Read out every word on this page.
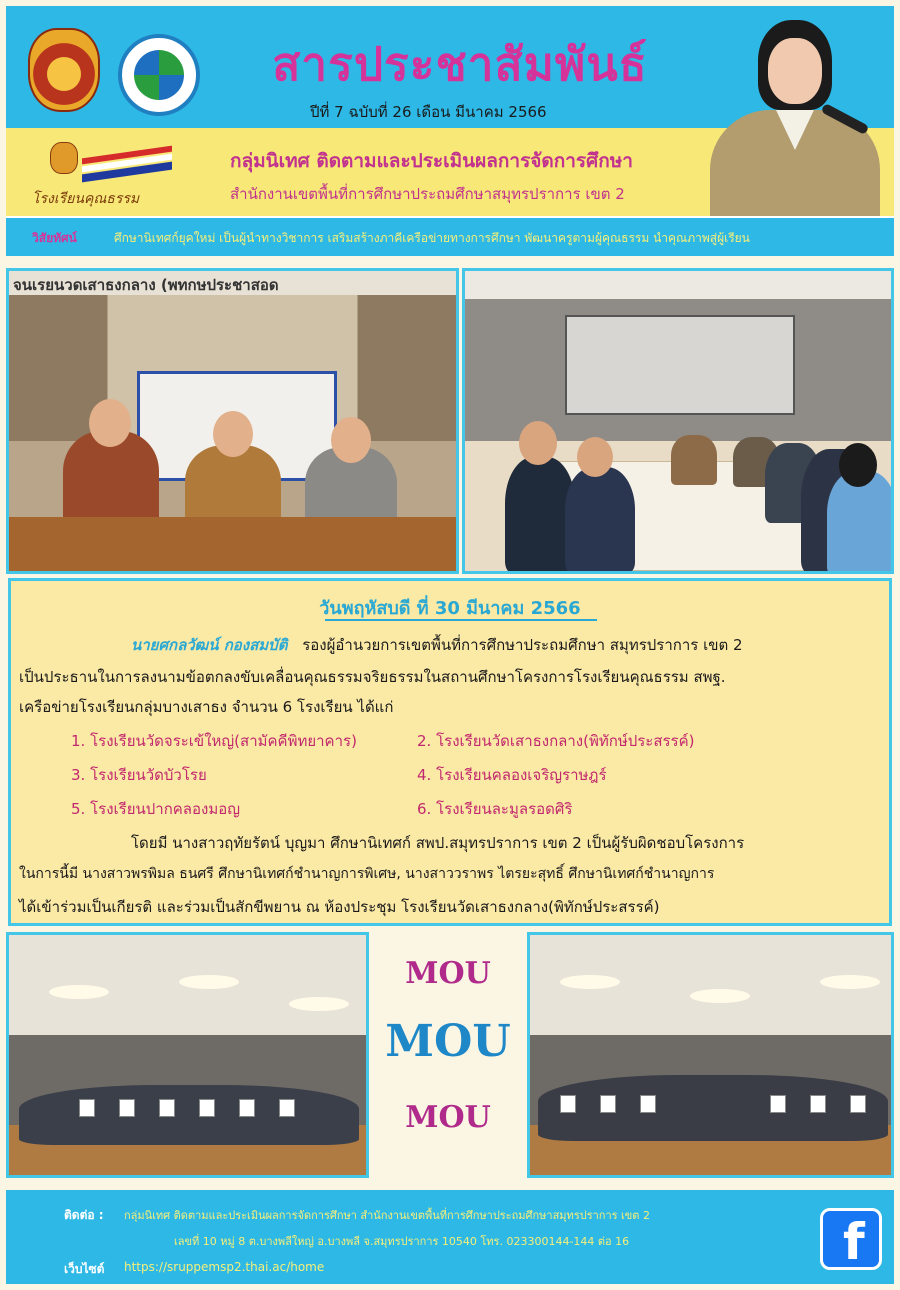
สารประชาสัมพันธ์
ปีที่ 7 ฉบับที่ 26 เดือน มีนาคม 2566
โรงเรียนคุณธรรม
กลุ่มนิเทศ ติดตามและประเมินผลการจัดการศึกษา
สำนักงานเขตพื้นที่การศึกษาประถมศึกษาสมุทรปราการ เขต 2
วิสัยทัศน์	ศึกษานิเทศก์ยุคใหม่ เป็นผู้นำทางวิชาการ เสริมสร้างภาคีเครือข่ายทางการศึกษา พัฒนาครูตามผู้คุณธรรม นำคุณภาพสู่ผู้เรียน
จนเรยนวดเสาธงกลาง (พทกษประชาสอด
วันพฤหัสบดี ที่ 30 มีนาคม 2566
นายศกลวัฒน์ กองสมบัติ รองผู้อำนวยการเขตพื้นที่การศึกษาประถมศึกษา สมุทรปราการ เขต 2
เป็นประธานในการลงนามข้อตกลงขับเคลื่อนคุณธรรมจริยธรรมในสถานศึกษาโครงการโรงเรียนคุณธรรม สพฐ.
เครือข่ายโรงเรียนกลุ่มบางเสาธง จำนวน 6 โรงเรียน ได้แก่
1. โรงเรียนวัดจระเข้ใหญ่(สามัคคีพิทยาคาร)	2. โรงเรียนวัดเสาธงกลาง(พิทักษ์ประสรรค์)
3. โรงเรียนวัดบัวโรย	4. โรงเรียนคลองเจริญราษฎร์
5. โรงเรียนปากคลองมอญ	6. โรงเรียนละมูลรอดศิริ
โดยมี นางสาวฤทัยรัตน์ บุญมา ศึกษานิเทศก์ สพป.สมุทรปราการ เขต 2 เป็นผู้รับผิดชอบโครงการ
ในการนี้มี นางสาวพรพิมล ธนศรี ศึกษานิเทศก์ชำนาญการพิเศษ, นางสาววราพร ไตรยะสุทธิ์ ศึกษานิเทศก์ชำนาญการ
ได้เข้าร่วมเป็นเกียรติ และร่วมเป็นสักขีพยาน ณ ห้องประชุม โรงเรียนวัดเสาธงกลาง(พิทักษ์ประสรรค์)
MOU
MOU
MOU
ติดต่อ : กลุ่มนิเทศ ติดตามและประเมินผลการจัดการศึกษา สำนักงานเขตพื้นที่การศึกษาประถมศึกษาสมุทรปราการ เขต 2
เลขที่ 10 หมู่ 8 ต.บางพลีใหญ่ อ.บางพลี จ.สมุทรปราการ 10540 โทร. 023300144-144 ต่อ 16
เว็บไซต์ https://sruppemsp2.thai.ac/home	f
